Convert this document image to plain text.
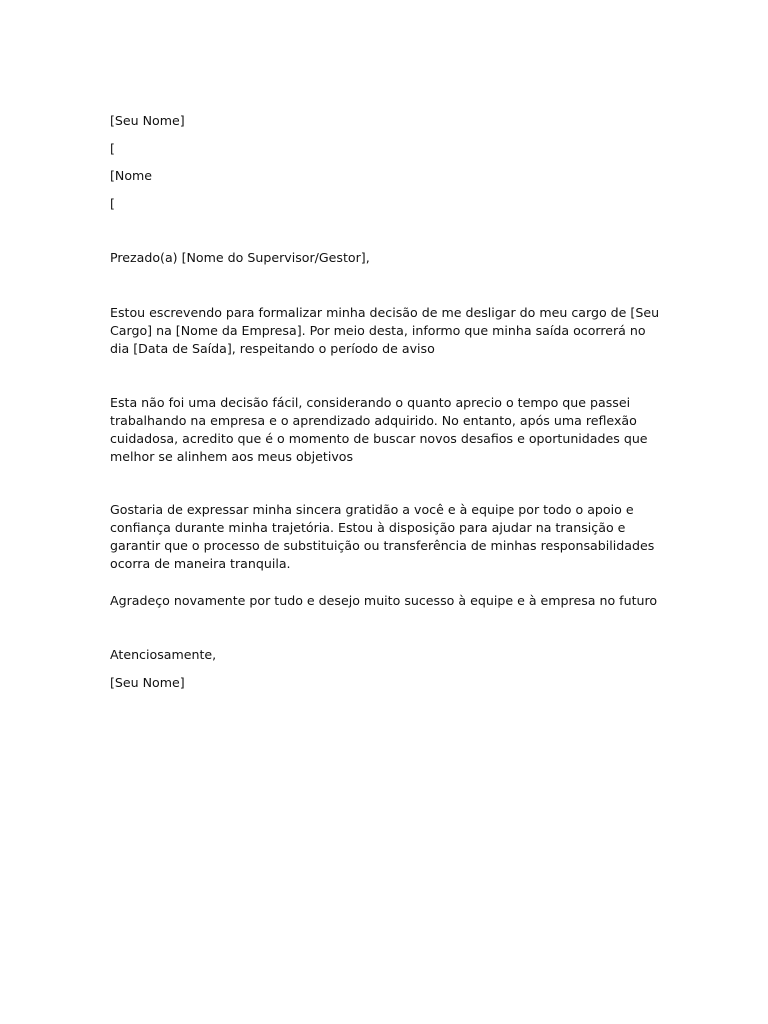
[Seu Nome]

[

[Nome

[

Prezado(a) [Nome do Supervisor/Gestor],

Estou escrevendo para formalizar minha decisão de me desligar do meu cargo de [Seu Cargo] na [Nome da Empresa]. Por meio desta, informo que minha saída ocorrerá no dia [Data de Saída], respeitando o período de aviso

Esta não foi uma decisão fácil, considerando o quanto aprecio o tempo que passei trabalhando na empresa e o aprendizado adquirido. No entanto, após uma reflexão cuidadosa, acredito que é o momento de buscar novos desafios e oportunidades que melhor se alinhem aos meus objetivos

Gostaria de expressar minha sincera gratidão a você e à equipe por todo o apoio e confiança durante minha trajetória. Estou à disposição para ajudar na transição e garantir que o processo de substituição ou transferência de minhas responsabilidades ocorra de maneira tranquila.

Agradeço novamente por tudo e desejo muito sucesso à equipe e à empresa no futuro

Atenciosamente,

[Seu Nome]
